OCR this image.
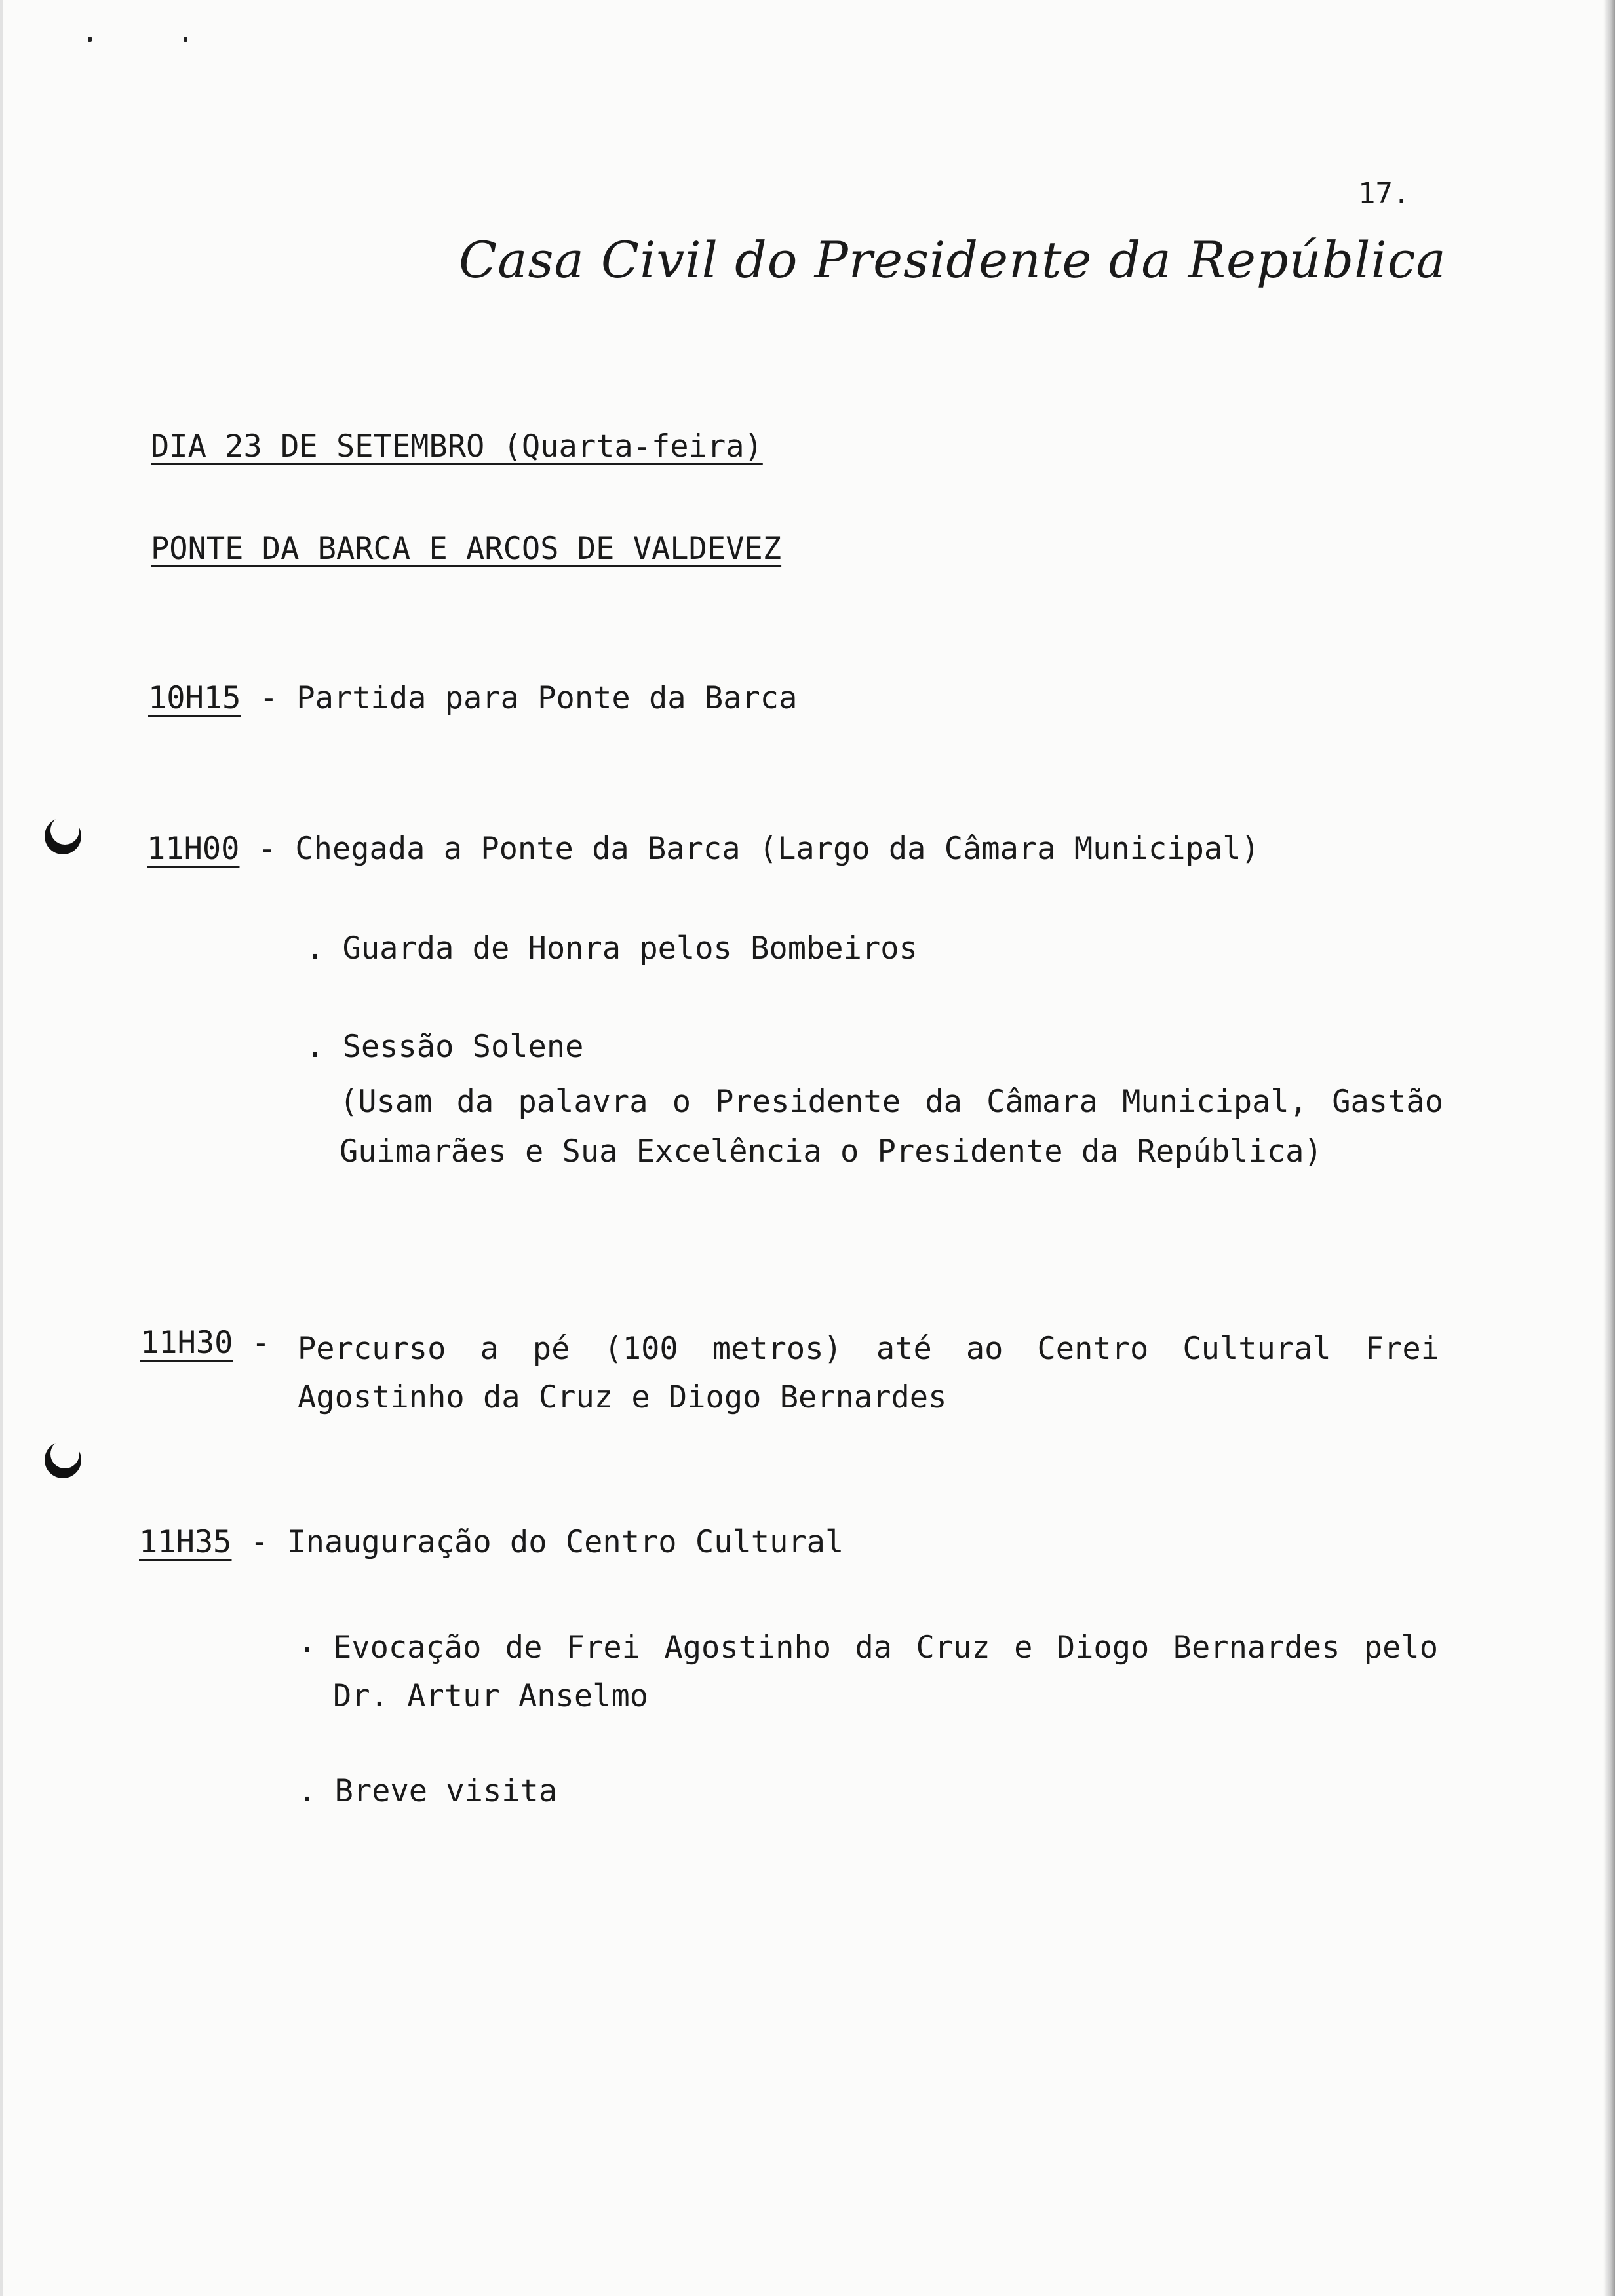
17.
Casa Civil do Presidente da República
DIA 23 DE SETEMBRO (Quarta-feira)
PONTE DA BARCA E ARCOS DE VALDEVEZ
10H15 - Partida para Ponte da Barca
11H00 - Chegada a Ponte da Barca (Largo da Câmara Municipal)
. Guarda de Honra pelos Bombeiros
. Sessão Solene
(Usam da palavra o Presidente da Câmara Municipal, Gastão Guimarães e Sua Excelência o Presidente da República)
11H30 - Percurso a pé (100 metros) até ao Centro Cultural Frei Agostinho da Cruz e Diogo Bernardes
11H35 - Inauguração do Centro Cultural
. Evocação de Frei Agostinho da Cruz e Diogo Bernardes pelo Dr. Artur Anselmo
. Breve visita
